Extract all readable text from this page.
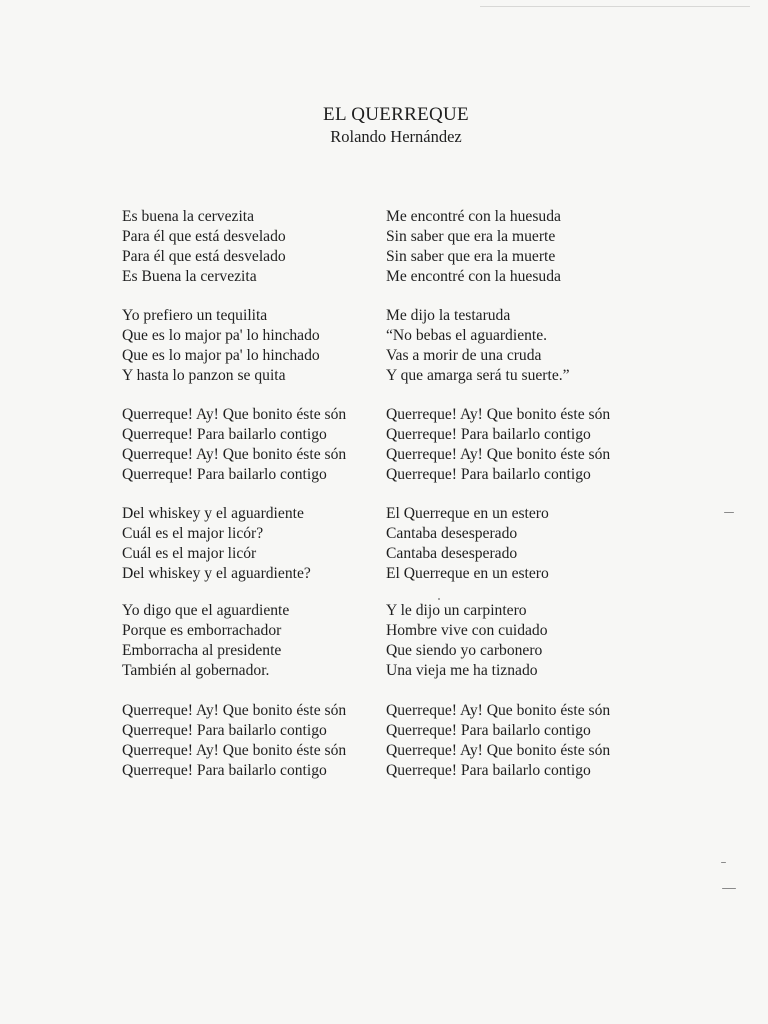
EL QUERREQUE
Rolando Hernández
Es buena la cervezita
Para él que está desvelado
Para él que está desvelado
Es Buena la cervezita
Yo prefiero un tequilita
Que es lo major pa' lo hinchado
Que es lo major pa' lo hinchado
Y hasta lo panzon se quita
Querreque! Ay! Que bonito éste són
Querreque! Para bailarlo contigo
Querreque! Ay! Que bonito éste són
Querreque! Para bailarlo contigo
Del whiskey y el aguardiente
Cuál es el major licór?
Cuál es el major licór
Del whiskey y el aguardiente?
Yo digo que el aguardiente
Porque es emborrachador
Emborracha al presidente
También al gobernador.
Querreque! Ay! Que bonito éste són
Querreque! Para bailarlo contigo
Querreque! Ay! Que bonito éste són
Querreque! Para bailarlo contigo
Me encontré con la huesuda
Sin saber que era la muerte
Sin saber que era la muerte
Me encontré con la huesuda
Me dijo la testaruda
“No bebas el aguardiente.
Vas a morir de una cruda
Y que amarga será tu suerte.”
Querreque! Ay! Que bonito éste són
Querreque! Para bailarlo contigo
Querreque! Ay! Que bonito éste són
Querreque! Para bailarlo contigo
El Querreque en un estero
Cantaba desesperado
Cantaba desesperado
El Querreque en un estero
Y le dijo un carpintero
Hombre vive con cuidado
Que siendo yo carbonero
Una vieja me ha tiznado
Querreque! Ay! Que bonito éste són
Querreque! Para bailarlo contigo
Querreque! Ay! Que bonito éste són
Querreque! Para bailarlo contigo
